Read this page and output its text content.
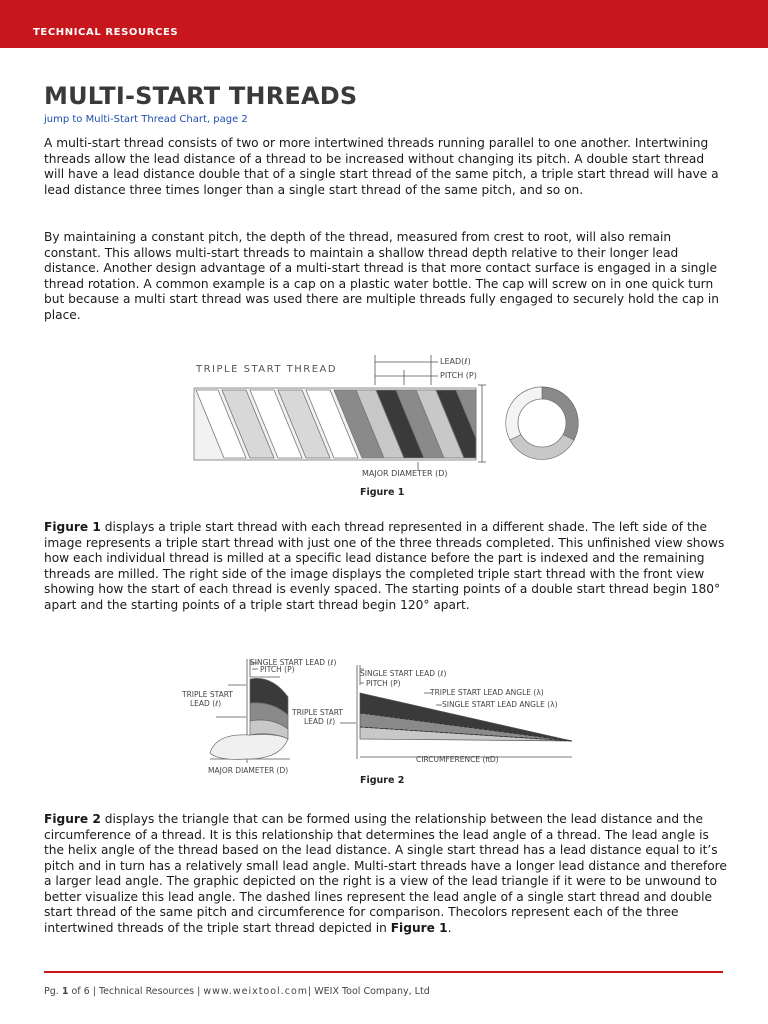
TECHNICAL RESOURCES
MULTI-START THREADS
jump to Multi-Start Thread Chart, page 2

A multi-start thread consists of two or more intertwined threads running parallel to one another. Intertwining threads allow the lead distance of a thread to be increased without changing its pitch. A double start thread will have a lead distance double that of a single start thread of the same pitch, a triple start thread will have a lead distance three times longer than a single start thread of the same pitch, and so on.

By maintaining a constant pitch, the depth of the thread, measured from crest to root, will also remain constant. This allows multi-start threads to maintain a shallow thread depth relative to their longer lead distance. Another design advantage of a multi-start thread is that more contact surface is engaged in a single thread rotation. A common example is a cap on a plastic water bottle. The cap will screw on in one quick turn but because a multi start thread was used there are multiple threads fully engaged to securely hold the cap in place.

TRIPLE START THREAD
LEAD(ℓ)
PITCH (P)
MAJOR DIAMETER (D)
Figure 1

Figure 1 displays a triple start thread with each thread represented in a different shade. The left side of the image represents a triple start thread with just one of the three threads completed. This unfinished view shows how each individual thread is milled at a specific lead distance before the part is indexed and the remaining threads are milled. The right side of the image displays the completed triple start thread with the front view showing how the start of each thread is evenly spaced. The starting points of a double start thread begin 180° apart and the starting points of a triple start thread begin 120° apart.

SINGLE START LEAD (ℓ)
PITCH (P)
TRIPLE START
LEAD (ℓ)
MAJOR DIAMETER (D)
SINGLE START LEAD (ℓ)
PITCH (P)
TRIPLE START LEAD ANGLE (λ)
SINGLE START LEAD ANGLE (λ)
TRIPLE START
LEAD (ℓ)
CIRCUMFERENCE (πD)
Figure 2

Figure 2 displays the triangle that can be formed using the relationship between the lead distance and the circumference of a thread. It is this relationship that determines the lead angle of a thread. The lead angle is the helix angle of the thread based on the lead distance. A single start thread has a lead distance equal to it’s pitch and in turn has a relatively small lead angle. Multi-start threads have a longer lead distance and therefore a larger lead angle. The graphic depicted on the right is a view of the lead triangle if it were to be unwound to better visualize this lead angle. The dashed lines represent the lead angle of a single start thread and double start thread of the same pitch and circumference for comparison. Thecolors represent each of the three intertwined threads of the triple start thread depicted in Figure 1.

Pg. 1 of 6 | Technical Resources | www.weixtool.com| WEIX Tool Company, Ltd
